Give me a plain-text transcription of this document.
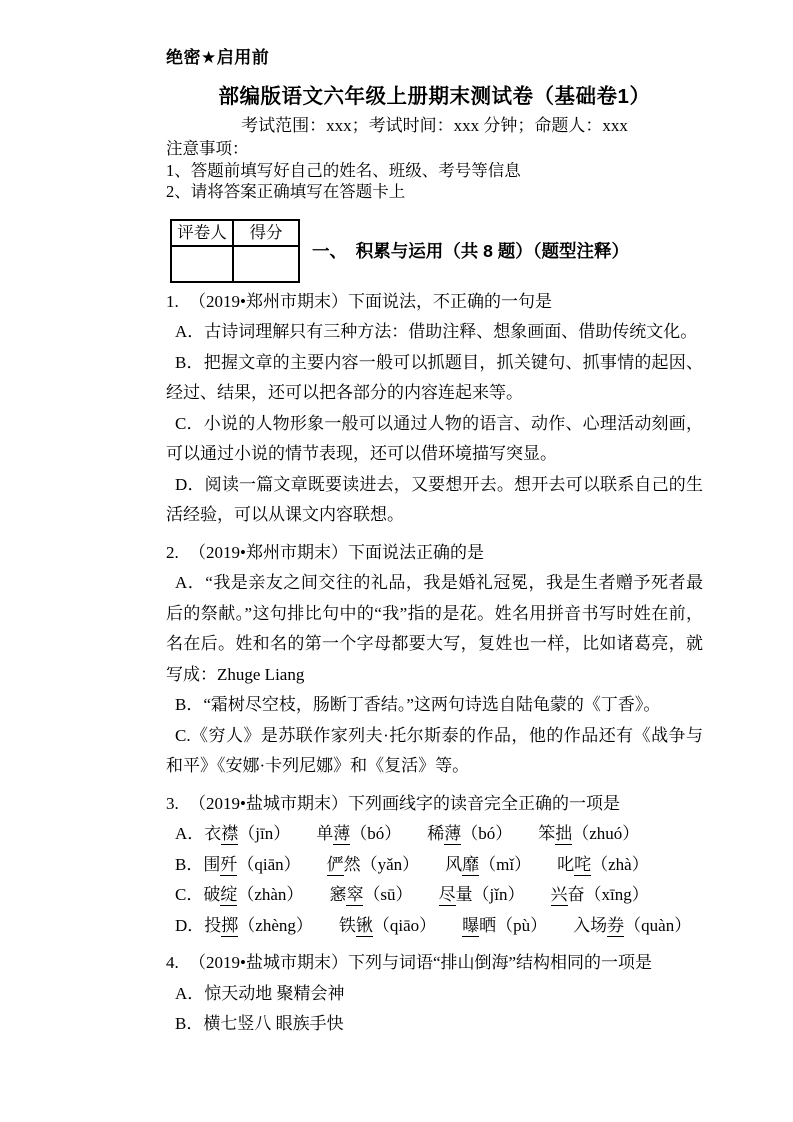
绝密★启用前
部编版语文六年级上册期末测试卷（基础卷1）
考试范围：xxx；考试时间：xxx 分钟；命题人：xxx
注意事项：
1、答题前填写好自己的姓名、班级、考号等信息
2、请将答案正确填写在答题卡上
评卷人	得分

一、　积累与运用（共 8 题）（题型注释）
1. （2019•郑州市期末）下面说法，不正确的一句是

A．古诗词理解只有三种方法：借助注释、想象画面、借助传统文化。

B．把握文章的主要内容一般可以抓题目，抓关键句、抓事情的起因、经过、结果，还可以把各部分的内容连起来等。

C．小说的人物形象一般可以通过人物的语言、动作、心理活动刻画，可以通过小说的情节表现，还可以借环境描写突显。

D．阅读一篇文章既要读进去，又要想开去。想开去可以联系自己的生活经验，可以从课文内容联想。

2. （2019•郑州市期末）下面说法正确的是

A．“我是亲友之间交往的礼品，我是婚礼冠冕，我是生者赠予死者最后的祭献。”这句排比句中的“我”指的是花。姓名用拼音书写时姓在前，名在后。姓和名的第一个字母都要大写，复姓也一样，比如诸葛亮，就写成：Zhuge Liang

B．“霜树尽空枝，肠断丁香结。”这两句诗选自陆龟蒙的《丁香》。

C.《穷人》是苏联作家列夫·托尔斯泰的作品，他的作品还有《战争与和平》《安娜·卡列尼娜》和《复活》等。

3. （2019•盐城市期末）下列画线字的读音完全正确的一项是
A． 衣襟（jīn） 单薄（bó） 稀薄（bó） 笨拙（zhuó）
B． 围歼（qiān） 俨然（yǎn） 风靡（mǐ） 叱咤（zhà）
C． 破绽（zhàn） 窸窣（sū） 尽量（jǐn） 兴奋（xīng）
D． 投掷（zhèng） 铁锹（qiāo） 曝晒（pù） 入场券（quàn）
4. （2019•盐城市期末）下列与词语“排山倒海”结构相同的一项是

A．惊天动地 聚精会神

B．横七竖八 眼族手快
